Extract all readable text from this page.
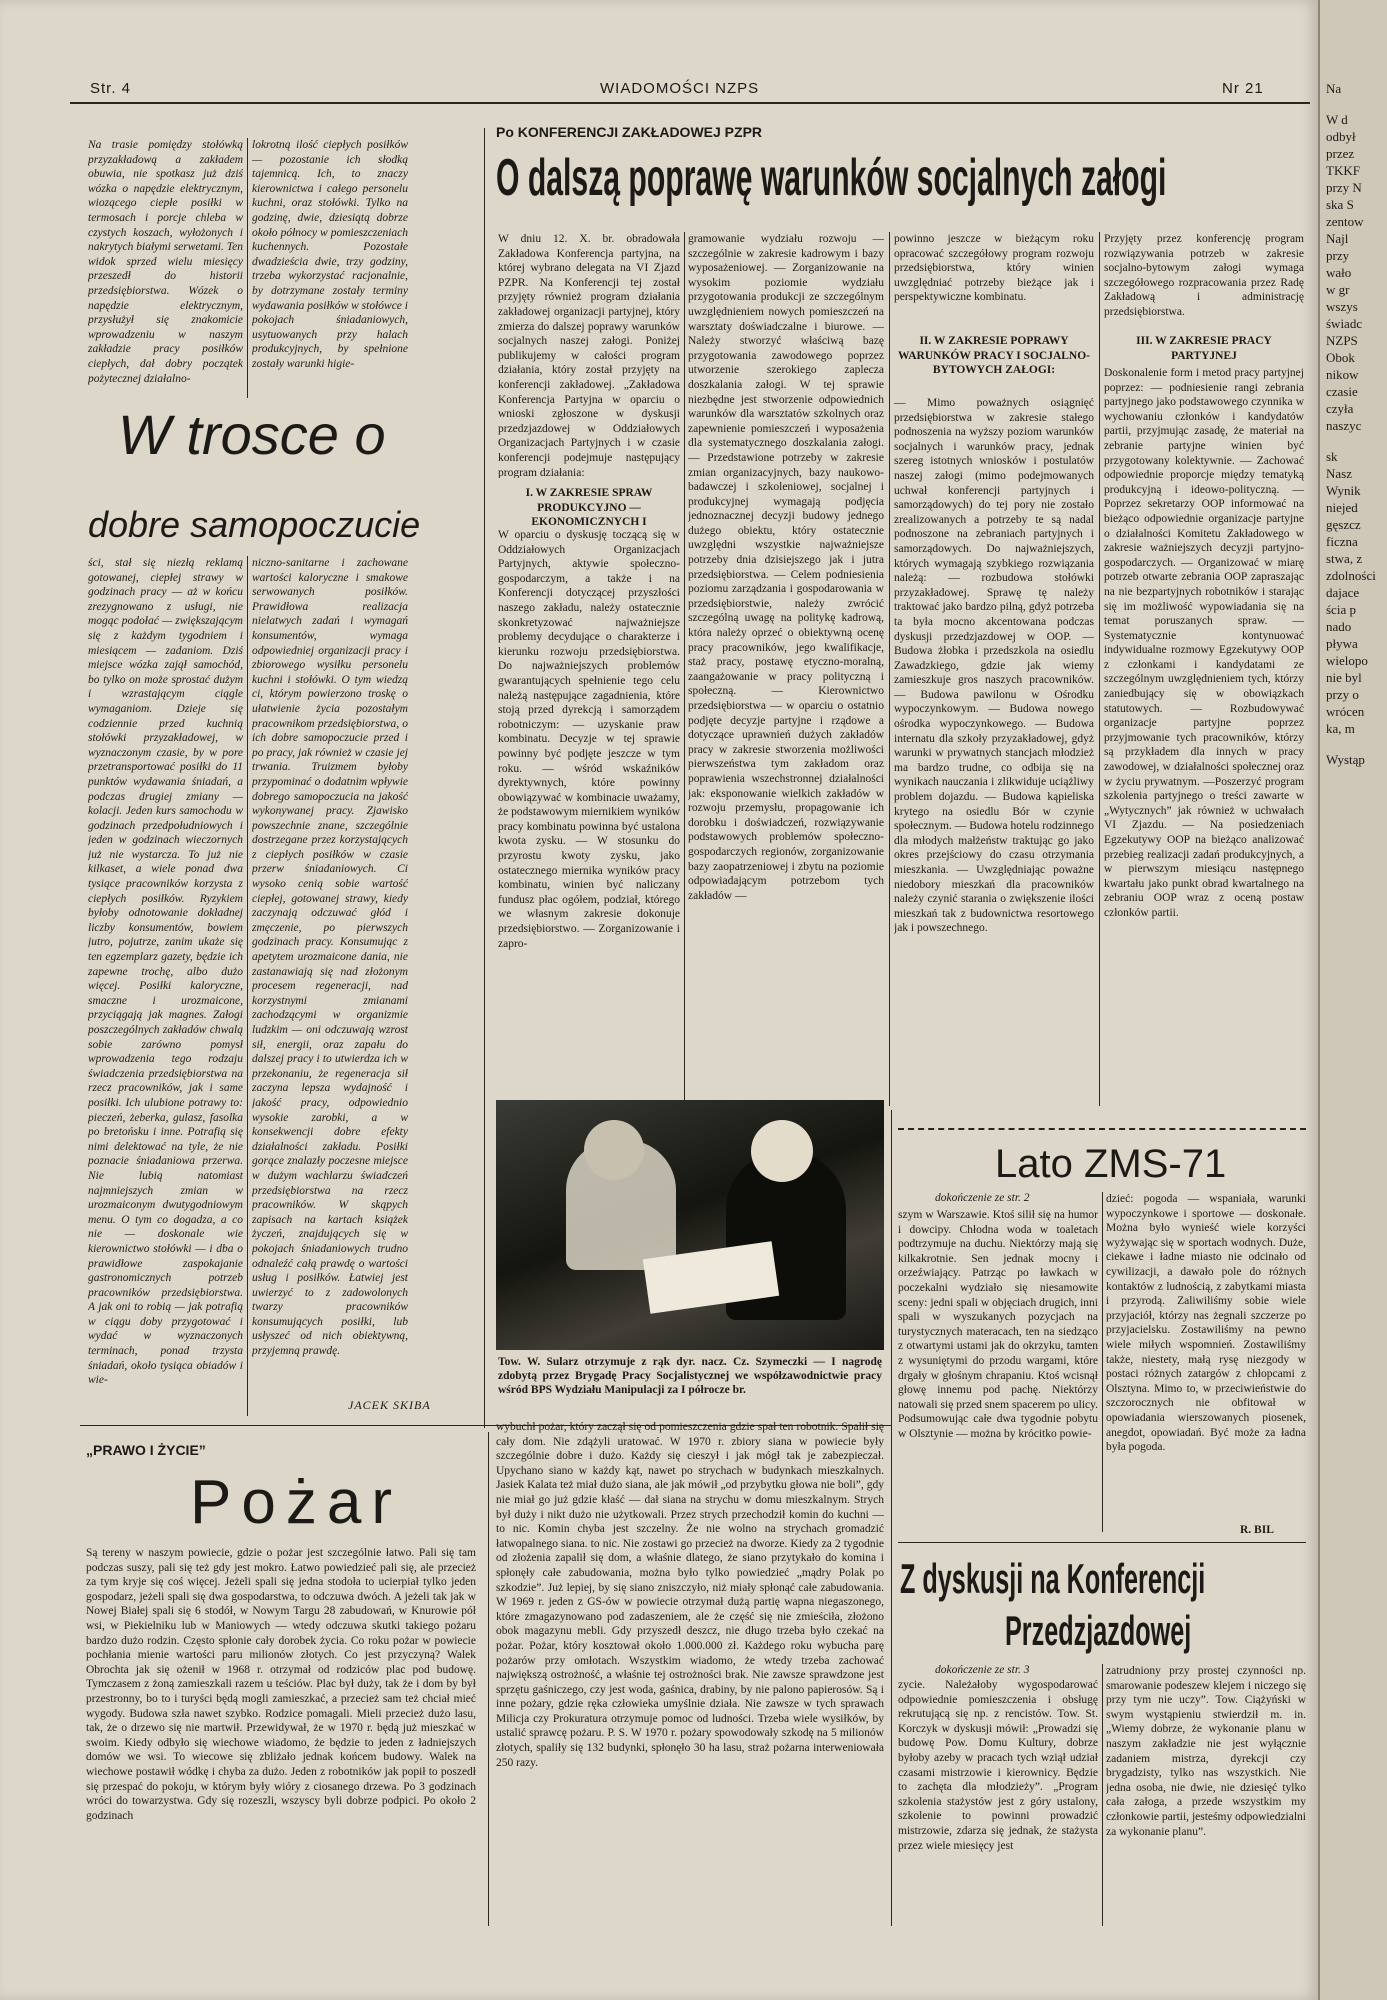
Str. 4	WIADOMOŚCI NZPS	Nr 21
Na trasie pomiędzy stołówką przyzakładową a zakładem obuwia, nie spotkasz już dziś wózka o napędzie elektrycznym, wiozącego ciepłe posiłki w termosach i porcje chleba w czystych koszach, wyłożonych i nakrytych białymi serwetami. Ten widok sprzed wielu miesięcy przeszedł do historii przedsiębiorstwa. Wózek o napędzie elektrycznym, przysłużył się znakomicie wprowadzeniu w naszym zakładzie pracy posiłków ciepłych, dał dobry początek pożytecznej działalno-
lokrotną ilość ciepłych posiłków — pozostanie ich słodką tajemnicą. Ich, to znaczy kierownictwa i całego personelu kuchni, oraz stołówki. Tylko na godzinę, dwie, dziesiątą dobrze około północy w pomieszczeniach kuchennych. Pozostałe dwadzieścia dwie, trzy godziny, trzeba wykorzystać racjonalnie, by dotrzymane zostały terminy wydawania posiłków w stołówce i pokojach śniadaniowych, usytuowanych przy halach produkcyjnych, by spełnione zostały warunki higie-
W trosce o
dobre samopoczucie
ści, stał się niezłą reklamą gotowanej, ciepłej strawy w godzinach pracy — aż w końcu zrezygnowano z usługi, nie mogąc podołać — zwiększającym się z każdym tygodniem i miesiącem — zadaniom. Dziś miejsce wózka zajął samochód, bo tylko on może sprostać dużym i wzrastającym ciągle wymaganiom. Dzieje się codziennie przed kuchnią stołówki przyzakładowej, w wyznaczonym czasie, by w pore przetransportować posiłki do 11 punktów wydawania śniadań, a podczas drugiej zmiany — kolacji. Jeden kurs samochodu w godzinach przedpołudniowych i jeden w godzinach wieczornych już nie wystarcza. To już nie kilkaset, a wiele ponad dwa tysiące pracowników korzysta z ciepłych posiłków. Ryzykiem byłoby odnotowanie dokładnej liczby konsumentów, bowiem jutro, pojutrze, zanim ukaże się ten egzemplarz gazety, będzie ich zapewne trochę, albo dużo więcej. Posiłki kaloryczne, smaczne i urozmaicone, przyciągają jak magnes. Załogi poszczególnych zakładów chwalą sobie zarówno pomysł wprowadzenia tego rodzaju świadczenia przedsiębiorstwa na rzecz pracowników, jak i same posiłki. Ich ulubione potrawy to: pieczeń, żeberka, gulasz, fasolka po bretońsku i inne. Potrafią się nimi delektować na tyle, że nie poznacie śniadaniowa przerwa. Nie lubią natomiast najmniejszych zmian w urozmaiconym dwutygodniowym menu. O tym co dogadza, a co nie — doskonale wie kierownictwo stołówki — i dba o prawidłowe zaspokajanie gastronomicznych potrzeb pracowników przedsiębiorstwa. A jak oni to robią — jak potrafią w ciągu doby przygotować i wydać w wyznaczonych terminach, ponad trzysta śniadań, około tysiąca obiadów i wie-
niczno-sanitarne i zachowane wartości kaloryczne i smakowe serwowanych posiłków. Prawidłowa realizacja nielatwych zadań i wymagań konsumentów, wymaga odpowiedniej organizacji pracy i zbiorowego wysiłku personelu kuchni i stołówki. O tym wiedzą ci, którym powierzono troskę o ułatwienie życia pozostałym pracownikom przedsiębiorstwa, o ich dobre samopoczucie przed i po pracy, jak również w czasie jej trwania. Truizmem byłoby przypominać o dodatnim wpływie dobrego samopoczucia na jakość wykonywanej pracy. Zjawisko powszechnie znane, szczególnie dostrzegane przez korzystających z ciepłych posiłków w czasie przerw śniadaniowych. Ci wysoko cenią sobie wartość ciepłej, gotowanej strawy, kiedy zaczynają odczuwać głód i zmęczenie, po pierwszych godzinach pracy. Konsumując z apetytem urozmaicone dania, nie zastanawiają się nad złożonym procesem regeneracji, nad korzystnymi zmianami zachodzącymi w organizmie ludzkim — oni odczuwają wzrost sił, energii, oraz zapału do dalszej pracy i to utwierdza ich w przekonaniu, że regeneracja sił zaczyna lepsza wydajność i jakość pracy, odpowiednio wysokie zarobki, a w konsekwencji dobre efekty działalności zakładu. Posiłki gorące znalazły poczesne miejsce w dużym wachlarzu świadczeń przedsiębiorstwa na rzecz pracowników. W skąpych zapisach na kartach książek życzeń, znajdujących się w pokojach śniadaniowych trudno odnaleźć całą prawdę o wartości usług i posiłków. Łatwiej jest uwierzyć to z zadowolonych twarzy pracowników konsumujących posiłki, lub usłyszeć od nich obiektywną, przyjemną prawdę.
JACEK SKIBA
Po KONFERENCJI ZAKŁADOWEJ PZPR
O dalszą poprawę warunków socjalnych załogi
W dniu 12. X. br. obradowała Zakładowa Konferencja partyjna, na której wybrano delegata na VI Zjazd PZPR. Na Konferencji tej został przyjęty również program działania zakładowej organizacji partyjnej, który zmierza do dalszej poprawy warunków socjalnych naszej załogi. Poniżej publikujemy w całości program działania, który został przyjęty na konferencji zakładowej. „Zakładowa Konferencja Partyjna w oparciu o wnioski zgłoszone w dyskusji przedzjazdowej w Oddziałowych Organizacjach Partyjnych i w czasie konferencji podejmuje następujący program działania:
I. W ZAKRESIE SPRAW PRODUKCYJNO — EKONOMICZNYCH I
W oparciu o dyskusję toczącą się w Oddziałowych Organizacjach Partyjnych, aktywie społeczno-gospodarczym, a także i na Konferencji dotyczącej przyszłości naszego zakładu, należy ostatecznie skonkretyzować najważniejsze problemy decydujące o charakterze i kierunku rozwoju przedsiębiorstwa. Do najważniejszych problemów gwarantujących spełnienie tego celu należą następujące zagadnienia, które stoją przed dyrekcją i samorządem robotniczym: — uzyskanie praw kombinatu. Decyzje w tej sprawie powinny być podjęte jeszcze w tym roku. — wśród wskaźników dyrektywnych, które powinny obowiązywać w kombinacie uważamy, że podstawowym miernikiem wyników pracy kombinatu powinna być ustalona kwota zysku. — W stosunku do przyrostu kwoty zysku, jako ostatecznego miernika wyników pracy kombinatu, winien być naliczany fundusz płac ogółem, podział, którego we własnym zakresie dokonuje przedsiębiorstwo. — Zorganizowanie i zapro-
gramowanie wydziału rozwoju — szczególnie w zakresie kadrowym i bazy wyposażeniowej. — Zorganizowanie na wysokim poziomie wydziału przygotowania produkcji ze szczególnym uwzględnieniem nowych pomieszczeń na warsztaty doświadczalne i biurowe. — Należy stworzyć właściwą bazę przygotowania zawodowego poprzez utworzenie szerokiego zaplecza doszkalania załogi. W tej sprawie niezbędne jest stworzenie odpowiednich warunków dla warsztatów szkolnych oraz zapewnienie pomieszczeń i wyposażenia dla systematycznego doszkalania załogi. — Przedstawione potrzeby w zakresie zmian organizacyjnych, bazy naukowo-badawczej i szkoleniowej, socjalnej i produkcyjnej wymagają podjęcia jednoznacznej decyzji budowy jednego dużego obiektu, który ostatecznie uwzględni wszystkie najważniejsze potrzeby dnia dzisiejszego jak i jutra przedsiębiorstwa. — Celem podniesienia poziomu zarządzania i gospodarowania w przedsiębiorstwie, należy zwrócić szczególną uwagę na politykę kadrową, która należy oprzeć o obiektywną ocenę pracy pracowników, jego kwalifikacje, staż pracy, postawę etyczno-moralną, zaangażowanie w pracy polityczną i społeczną. — Kierownictwo przedsiębiorstwa — w oparciu o ostatnio podjęte decyzje partyjne i rządowe a dotyczące uprawnień dużych zakładów pracy w zakresie stworzenia możliwości pierwszeństwa tym zakładom oraz poprawienia wszechstronnej działalności jak: eksponowanie wielkich zakładów w rozwoju przemysłu, propagowanie ich dorobku i doświadczeń, rozwiązywanie podstawowych problemów społeczno-gospodarczych regionów, zorganizowanie bazy zaopatrzeniowej i zbytu na poziomie odpowiadającym potrzebom tych zakładów —
powinno jeszcze w bieżącym roku opracować szczegółowy program rozwoju przedsiębiorstwa, który winien uwzględniać potrzeby bieżące jak i perspektywiczne kombinatu.
II. W ZAKRESIE POPRAWY WARUNKÓW PRACY I SOCJALNO-BYTOWYCH ZAŁOGI:
— Mimo poważnych osiągnięć przedsiębiorstwa w zakresie stałego podnoszenia na wyższy poziom warunków socjalnych i warunków pracy, jednak szereg istotnych wniosków i postulatów naszej załogi (mimo podejmowanych uchwał konferencji partyjnych i samorządowych) do tej pory nie zostało zrealizowanych a potrzeby te są nadal podnoszone na zebraniach partyjnych i samorządowych. Do najważniejszych, których wymagają szybkiego rozwiązania należą: — rozbudowa stołówki przyzakładowej. Sprawę tę należy traktować jako bardzo pilną, gdyż potrzeba ta była mocno akcentowana podczas dyskusji przedzjazdowej w OOP. — Budowa żłobka i przedszkola na osiedlu Zawadzkiego, gdzie jak wiemy zamieszkuje gros naszych pracowników. — Budowa pawilonu w Ośrodku wypoczynkowym. — Budowa nowego ośrodka wypoczynkowego. — Budowa internatu dla szkoły przyzakładowej, gdyż warunki w prywatnych stancjach młodzież ma bardzo trudne, co odbija się na wynikach nauczania i zlikwiduje uciążliwy problem dojazdu. — Budowa kąpieliska krytego na osiedlu Bór w czynie społecznym. — Budowa hotelu rodzinnego dla młodych małżeństw traktując go jako okres przejściowy do czasu otrzymania mieszkania. — Uwzględniając poważne niedobory mieszkań dla pracowników należy czynić starania o zwiększenie ilości mieszkań tak z budownictwa resortowego jak i powszechnego.
Przyjęty przez konferencję program rozwiązywania potrzeb w zakresie socjalno-bytowym załogi wymaga szczegółowego rozpracowania przez Radę Zakładową i administrację przedsiębiorstwa.
III. W ZAKRESIE PRACY PARTYJNEJ
Doskonalenie form i metod pracy partyjnej poprzez: — podniesienie rangi zebrania partyjnego jako podstawowego czynnika w wychowaniu członków i kandydatów partii, przyjmując zasadę, że materiał na zebranie partyjne winien być przygotowany kolektywnie. — Zachować odpowiednie proporcje między tematyką produkcyjną i ideowo-polityczną. — Poprzez sekretarzy OOP informować na bieżąco odpowiednie organizacje partyjne o działalności Komitetu Zakładowego w zakresie ważniejszych decyzji partyjno-gospodarczych. — Organizować w miarę potrzeb otwarte zebrania OOP zapraszając na nie bezpartyjnych robotników i starając się im możliwość wypowiadania się na temat poruszanych spraw. — Systematycznie kontynuować indywidualne rozmowy Egzekutywy OOP z członkami i kandydatami ze szczególnym uwzględnieniem tych, którzy zaniedbujący się w obowiązkach statutowych. — Rozbudowywać organizacje partyjne poprzez przyjmowanie tych pracowników, którzy są przykładem dla innych w pracy zawodowej, w działalności społecznej oraz w życiu prywatnym. —Poszerzyć program szkolenia partyjnego o treści zawarte w „Wytycznych” jak również w uchwałach VI Zjazdu. — Na posiedzeniach Egzekutywy OOP na bieżąco analizować przebieg realizacji zadań produkcyjnych, a w pierwszym miesiącu następnego kwartału jako punkt obrad kwartalnego na zebraniu OOP wraz z oceną postaw członków partii.
Tow. W. Sularz otrzymuje z rąk dyr. nacz. Cz. Szymeczki — I nagrodę zdobytą przez Brygadę Pracy Socjalistycznej we współzawodnictwie pracy wśród BPS Wydziału Manipulacji za I półrocze br.
Lato ZMS-71
dokończenie ze str. 2
szym w Warszawie. Ktoś silił się na humor i dowcipy. Chłodna woda w toaletach podtrzymuje na duchu. Niektórzy mają się kilkakrotnie. Sen jednak mocny i orzeźwiający. Patrząc po ławkach w poczekalni wydziało się niesamowite sceny: jedni spali w objęciach drugich, inni spali w wyszukanych pozycjach na turystycznych materacach, ten na siedząco z otwartymi ustami jak do okrzyku, tamten z wysuniętymi do przodu wargami, które drgały w głośnym chrapaniu. Ktoś wcisnął głowę innemu pod pachę. Niektórzy natowali się przed snem spacerem po ulicy. Podsumowując całe dwa tygodnie pobytu w Olsztynie — można by krócitko powie-
dzieć: pogoda — wspaniała, warunki wypoczynkowe i sportowe — doskonałe. Można było wynieść wiele korzyści wyżywając się w sportach wodnych. Duże, ciekawe i ładne miasto nie odcinało od cywilizacji, a dawało pole do różnych kontaktów z ludnością, z zabytkami miasta i przyrodą. Zaliwiliśmy sobie wiele przyjaciół, którzy nas żegnali szczerze po przyjacielsku. Zostawiliśmy na pewno wiele miłych wspomnień. Zostawiliśmy także, niestety, małą rysę niezgody w postaci różnych zatargów z chłopcami z Olsztyna. Mimo to, w przeciwieństwie do szczorocznych nie obfitował w opowiadania wierszowanych piosenek, anegdot, opowiadań. Być może za ładna była pogoda.
R. BIL
„PRAWO I ŻYCIE”
Pożar
Są tereny w naszym powiecie, gdzie o pożar jest szczególnie łatwo. Pali się tam podczas suszy, pali się też gdy jest mokro. Łatwo powiedzieć pali się, ale przecież za tym kryje się coś więcej. Jeżeli spali się jedna stodoła to ucierpiał tylko jeden gospodarz, jeżeli spali się dwa gospodarstwa, to odczuwa dwóch. A jeżeli tak jak w Nowej Białej spali się 6 stodół, w Nowym Targu 28 zabudowań, w Knurowie pół wsi, w Piekielniku lub w Maniowych — wtedy odczuwa skutki takiego pożaru bardzo dużo rodzin. Często spłonie cały dorobek życia. Co roku pożar w powiecie pochłania mienie wartości paru milionów złotych. Co jest przyczyną? Walek Obrochta jak się ożenił w 1968 r. otrzymał od rodziców plac pod budowę. Tymczasem z żoną zamieszkali razem u teściów. Plac był duży, tak że i dom by był przestronny, bo to i turyści będą mogli zamieszkać, a przecież sam też chciał mieć wygody. Budowa szła nawet szybko. Rodzice pomagali. Mieli przecież dużo lasu, tak, że o drzewo się nie martwił. Przewidywał, że w 1970 r. będą już mieszkać w swoim. Kiedy odbyło się wiechowe wiadomo, że będzie to jeden z ładniejszych domów we wsi. To wiecowe się zbliżało jednak końcem budowy. Walek na wiechowe postawił wódkę i chyba za dużo. Jeden z robotników jak popił to poszedł się przespać do pokoju, w którym były wióry z ciosanego drzewa. Po 3 godzinach wróci do towarzystwa. Gdy się rozeszli, wszyscy byli dobrze podpici. Po około 2 godzinach
wybuchł pożar, który zaczął się od pomieszczenia gdzie spał ten robotnik. Spalił się cały dom. Nie zdążyli uratować. W 1970 r. zbiory siana w powiecie były szczególnie dobre i dużo. Każdy się cieszył i jak mógł tak je zabezpieczał. Upychano siano w każdy kąt, nawet po strychach w budynkach mieszkalnych. Jasiek Kalata też miał dużo siana, ale jak mówił „od przybytku głowa nie boli”, gdy nie miał go już gdzie kłaść — dał siana na strychu w domu mieszkalnym. Strych był duży i nikt dużo nie użytkowali. Przez strych przechodził komin do kuchni — to nic. Komin chyba jest szczelny. Że nie wolno na strychach gromadzić łatwopalnego siana. to nic. Nie zostawi go przecież na dworze. Kiedy za 2 tygodnie od złożenia zapalił się dom, a właśnie dlatego, że siano przytykało do komina i spłonęły całe zabudowania, można było tylko powiedzieć „mądry Polak po szkodzie”. Już lepiej, by się siano zniszczyło, niż miały spłonąć całe zabudowania. W 1969 r. jeden z GS-ów w powiecie otrzymał dużą partię wapna niegaszonego, które zmagazynowano pod zadaszeniem, ale że część się nie zmieściła, złożono obok magazynu mebli. Gdy przyszedł deszcz, nie długo trzeba było czekać na pożar. Pożar, który kosztował około 1.000.000 zł. Każdego roku wybucha parę pożarów przy omłotach. Wszystkim wiadomo, że wtedy trzeba zachować największą ostrożność, a właśnie tej ostrożności brak. Nie zawsze sprawdzone jest sprzętu gaśniczego, czy jest woda, gaśnica, drabiny, by nie palono papierosów. Są i inne pożary, gdzie ręka człowieka umyślnie działa. Nie zawsze w tych sprawach Milicja czy Prokuratura otrzymuje pomoc od ludności. Trzeba wiele wysiłków, by ustalić sprawcę pożaru. P. S. W 1970 r. pożary spowodowały szkodę na 5 milionów złotych, spaliły się 132 budynki, spłonęło 30 ha lasu, straż pożarna interweniowała 250 razy.
Z dyskusji na Konferencji
Przedzjazdowej
dokończenie ze str. 3
zycie. Należałoby wygospodarować odpowiednie pomieszczenia i obsługę rekrutującą się np. z rencistów. Tow. St. Korczyk w dyskusji mówił: „Prowadzi się budowę Pow. Domu Kultury, dobrze byłoby azeby w pracach tych wziął udział czasami mistrzowie i kierownicy. Będzie to zachęta dla młodzieży”. „Program szkolenia stażystów jest z góry ustalony, szkolenie to powinni prowadzić mistrzowie, zdarza się jednak, że stażysta przez wiele miesięcy jest
zatrudniony przy prostej czynności np. smarowanie podeszew klejem i niczego się przy tym nie uczy”. Tow. Ciążyński w swym wystąpieniu stwierdził m. in. „Wiemy dobrze, że wykonanie planu w naszym zakładzie nie jest wyłącznie zadaniem mistrza, dyrekcji czy brygadzisty, tylko nas wszystkich. Nie jedna osoba, nie dwie, nie dziesięć tylko cała załoga, a przede wszystkim my członkowie partii, jesteśmy odpowiedzialni za wykonanie planu”.

Na

W d

odbył

przez

TKKF

przy N

ska S

zentow

Najl

przy

wało

w gr

wszys

świadc

NZPS

Obok

nikow

czasie

czyła

naszyc

sk

Nasz

Wynik

niejed

gęszcz

ficzna

stwa, z

zdolności

dajace

ścia p

nado

pływa

wielopo

nie byl

przy o

wrócen

ka, m

Wystąp
